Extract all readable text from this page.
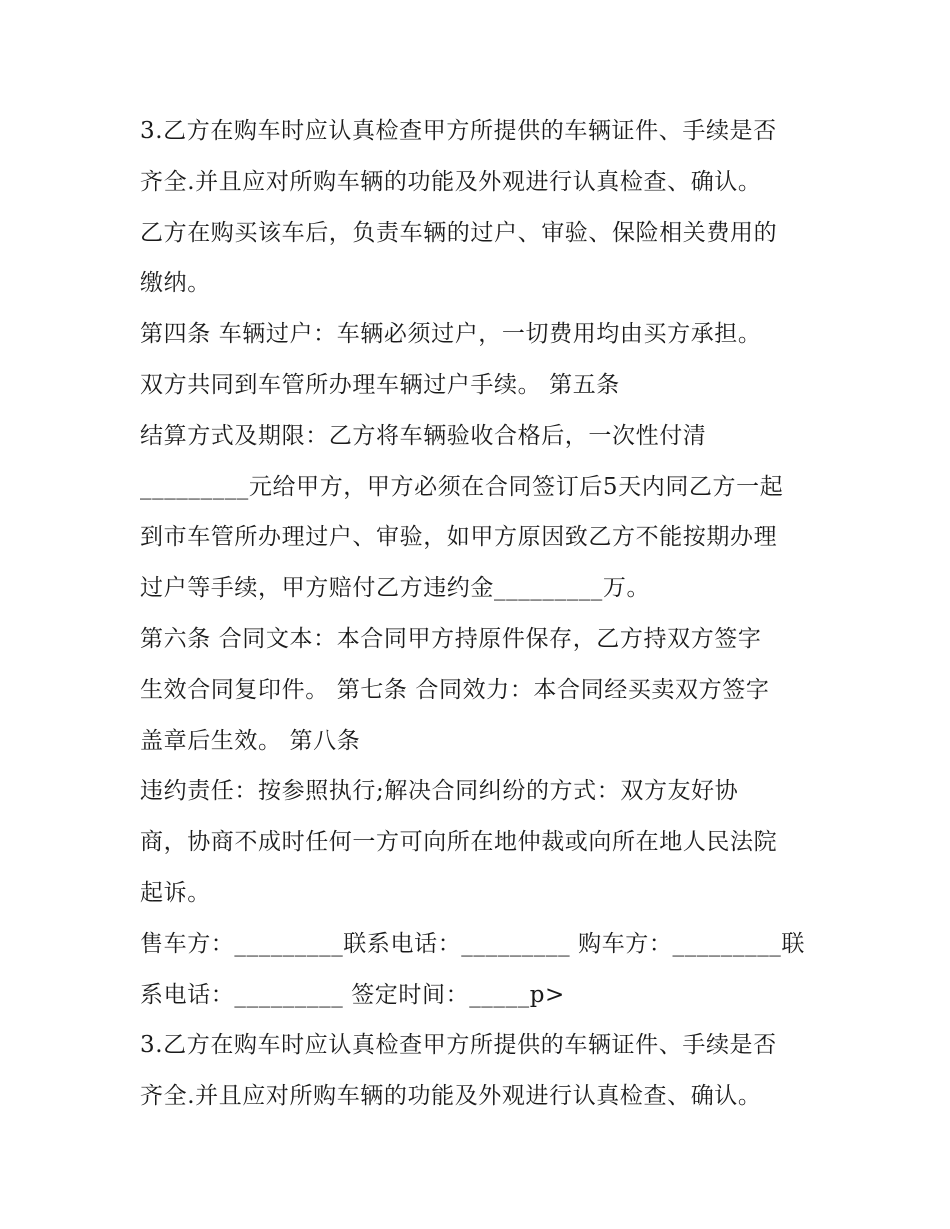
3.乙方在购车时应认真检查甲方所提供的车辆证件、手续是否
齐全.并且应对所购车辆的功能及外观进行认真检查、确认。
乙方在购买该车后，负责车辆的过户、审验、保险相关费用的
缴纳。
第四条 车辆过户：车辆必须过户，一切费用均由买方承担。
双方共同到车管所办理车辆过户手续。 第五条
结算方式及期限：乙方将车辆验收合格后，一次性付清
_________元给甲方，甲方必须在合同签订后5天内同乙方一起
到市车管所办理过户、审验，如甲方原因致乙方不能按期办理
过户等手续，甲方赔付乙方违约金_________万。
第六条 合同文本：本合同甲方持原件保存，乙方持双方签字
生效合同复印件。 第七条 合同效力：本合同经买卖双方签字
盖章后生效。 第八条
违约责任：按参照执行;解决合同纠纷的方式：双方友好协
商，协商不成时任何一方可向所在地仲裁或向所在地人民法院
起诉。
售车方：_________联系电话：_________ 购车方：_________联
系电话：_________ 签定时间：_____p>
3.乙方在购车时应认真检查甲方所提供的车辆证件、手续是否
齐全.并且应对所购车辆的功能及外观进行认真检查、确认。
